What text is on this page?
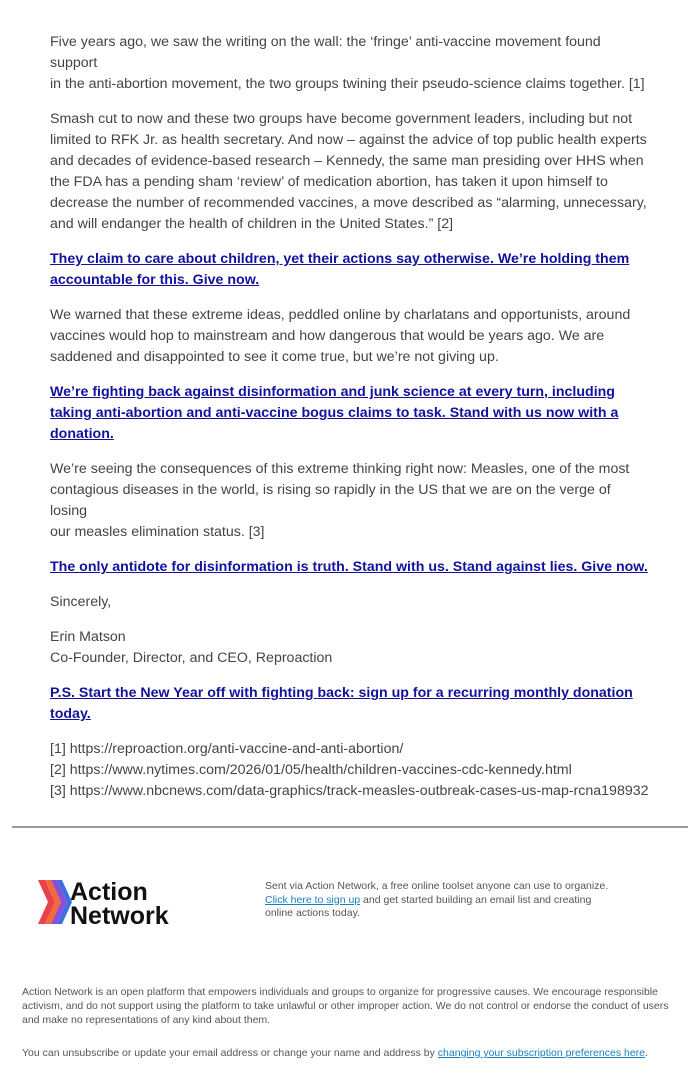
Five years ago, we saw the writing on the wall: the ‘fringe’ anti-vaccine movement found support
in the anti-abortion movement, the two groups twining their pseudo-science claims together. [1]

Smash cut to now and these two groups have become government leaders, including but not
limited to RFK Jr. as health secretary. And now – against the advice of top public health experts
and decades of evidence-based research – Kennedy, the same man presiding over HHS when
the FDA has a pending sham ‘review’ of medication abortion, has taken it upon himself to
decrease the number of recommended vaccines, a move described as “alarming, unnecessary,
and will endanger the health of children in the United States.” [2]

They claim to care about children, yet their actions say otherwise. We’re holding them
accountable for this. Give now.

We warned that these extreme ideas, peddled online by charlatans and opportunists, around
vaccines would hop to mainstream and how dangerous that would be years ago. We are
saddened and disappointed to see it come true, but we’re not giving up.

We’re fighting back against disinformation and junk science at every turn, including
taking anti-abortion and anti-vaccine bogus claims to task. Stand with us now with a
donation.

We’re seeing the consequences of this extreme thinking right now: Measles, one of the most
contagious diseases in the world, is rising so rapidly in the US that we are on the verge of losing
our measles elimination status. [3]

The only antidote for disinformation is truth. Stand with us. Stand against lies. Give now.

Sincerely,

Erin Matson
Co-Founder, Director, and CEO, Reproaction

P.S. Start the New Year off with fighting back: sign up for a recurring monthly donation
today.
[1] https://reproaction.org/anti-vaccine-and-anti-abortion/
[2] https://www.nytimes.com/2026/01/05/health/children-vaccines-cdc-kennedy.html
[3] https://www.nbcnews.com/data-graphics/track-measles-outbreak-cases-us-map-rcna198932
Action
Network
Sent via Action Network, a free online toolset anyone can use to organize.
Click here to sign up and get started building an email list and creating
online actions today.

Action Network is an open platform that empowers individuals and groups to organize for progressive causes. We encourage responsible activism, and do not support using the platform to take unlawful or other improper action. We do not control or endorse the conduct of users and make no representations of any kind about them.

You can unsubscribe or update your email address or change your name and address by changing your subscription preferences here.
